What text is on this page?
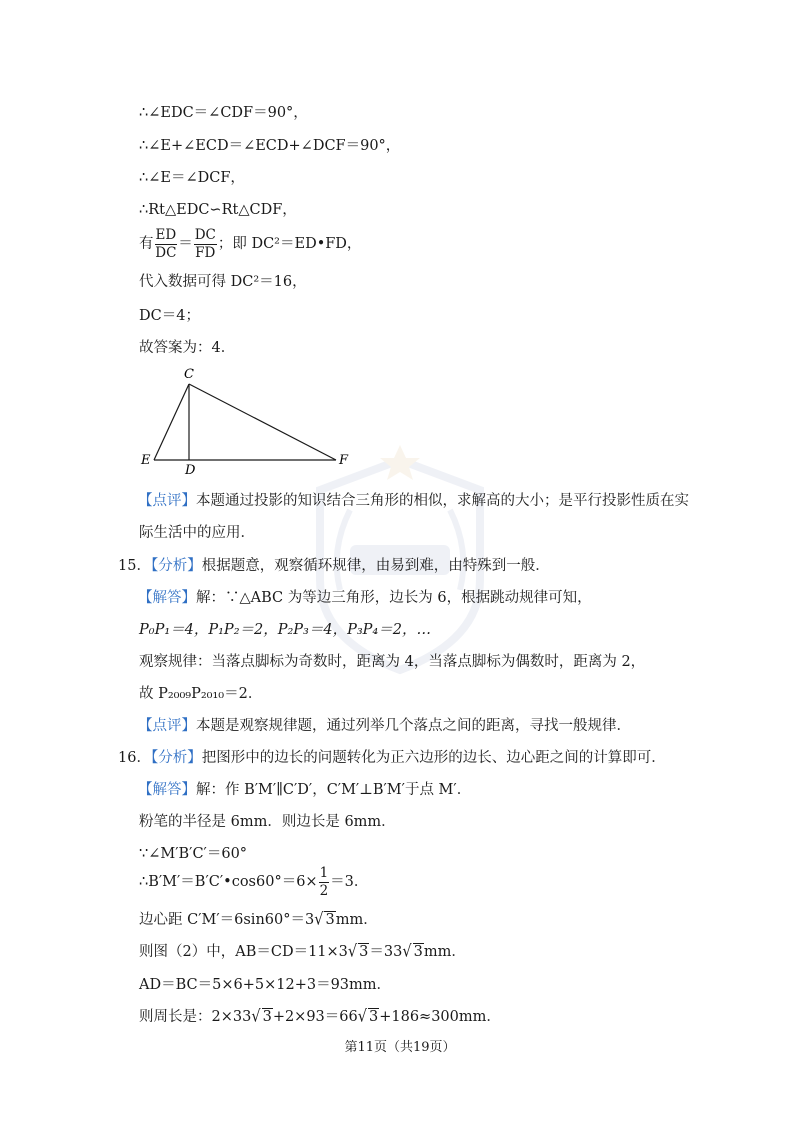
∴∠EDC＝∠CDF＝90°，
∴∠E+∠ECD＝∠ECD+∠DCF＝90°，
∴∠E＝∠DCF，
∴Rt△EDC∽Rt△CDF，
有 $\frac{ED}{DC} = \frac{DC}{FD}$ ；即 DC²＝ED•FD，
代入数据可得 DC²＝16，
DC＝4；
故答案为：4．
C
E
D
F
【点评】本题通过投影的知识结合三角形的相似，求解高的大小；是平行投影性质在实
际生活中的应用．
15．【分析】根据题意，观察循环规律，由易到难，由特殊到一般．
【解答】解：∵△ABC 为等边三角形，边长为 6，根据跳动规律可知，
P₀P₁＝4，P₁P₂＝2，P₂P₃＝4，P₃P₄＝2，…
观察规律：当落点脚标为奇数时，距离为 4，当落点脚标为偶数时，距离为 2，
故 P₂₀₀₉P₂₀₁₀＝2．
【点评】本题是观察规律题，通过列举几个落点之间的距离，寻找一般规律．
16．【分析】把图形中的边长的问题转化为正六边形的边长、边心距之间的计算即可．
【解答】解：作 B′M′∥C′D′，C′M′⊥B′M′于点 M′．
粉笔的半径是 6mm．则边长是 6mm．
∵∠M′B′C′＝60°
∴B′M′＝B′C′•cos60°＝6× $\frac{1}{2} =3$．
边心距 C′M′＝6sin60°＝3√ 3mm．
则图（2）中，AB＝CD＝11×3√ 3＝33√ 3mm．
AD＝BC＝5×6+5×12+3＝93mm．
则周长是：2×33√ 3+2×93＝66√ 3+186≈300mm．
第11页（共19页）
